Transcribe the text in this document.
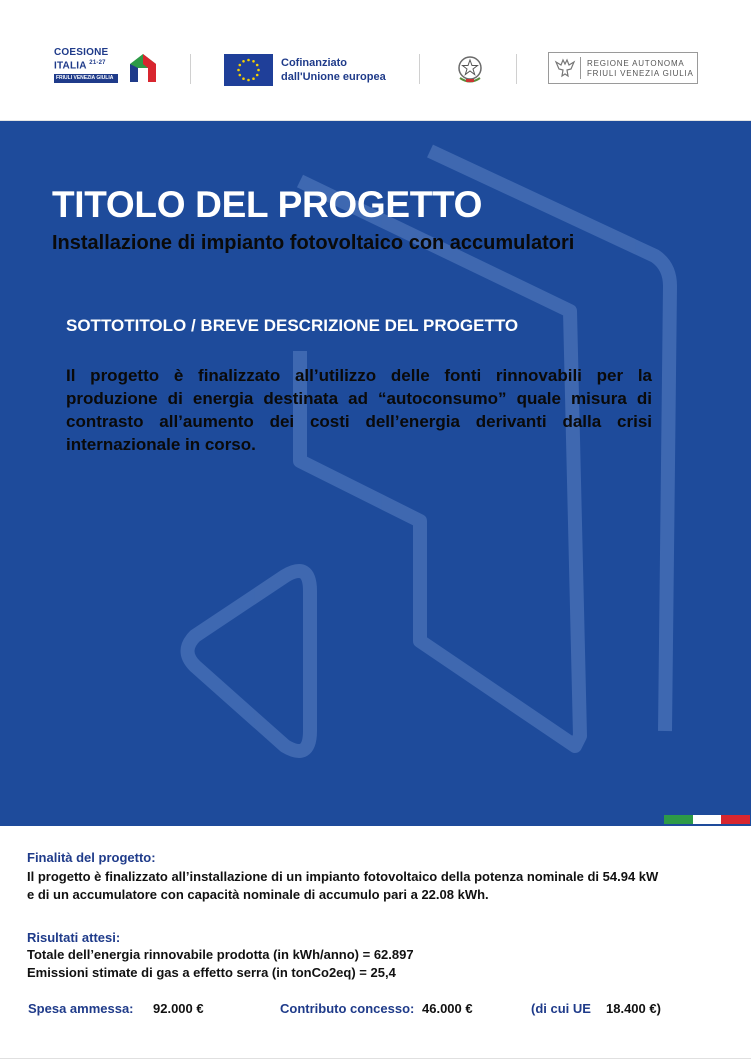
COESIONE
ITALIA $^{21-27}$
FRIULI VENEZIA GIULIA
Cofinanziato
dall'Unione europea
REGIONE AUTONOMA
FRIULI VENEZIA GIULIA
TITOLO DEL PROGETTO
Installazione di impianto fotovoltaico con accumulatori
SOTTOTITOLO / BREVE DESCRIZIONE DEL PROGETTO
Il progetto è finalizzato all’utilizzo delle fonti rinnovabili per la produzione di energia destinata ad “autoconsumo” quale misura di contrasto all’aumento dei costi dell’energia derivanti dalla crisi internazionale in corso.
Finalità del progetto:
Il progetto è finalizzato all’installazione di un impianto fotovoltaico della potenza nominale di 54.94 kW
e di un accumulatore con capacità nominale di accumulo pari a 22.08 kWh.
Risultati attesi:
Totale dell’energia rinnovabile prodotta (in kWh/anno) = 62.897
Emissioni stimate di gas a effetto serra (in tonCo2eq) = 25,4
Spesa ammessa: 92.000 €	Contributo concesso: 46.000 €	(di cui UE 18.400 €)
